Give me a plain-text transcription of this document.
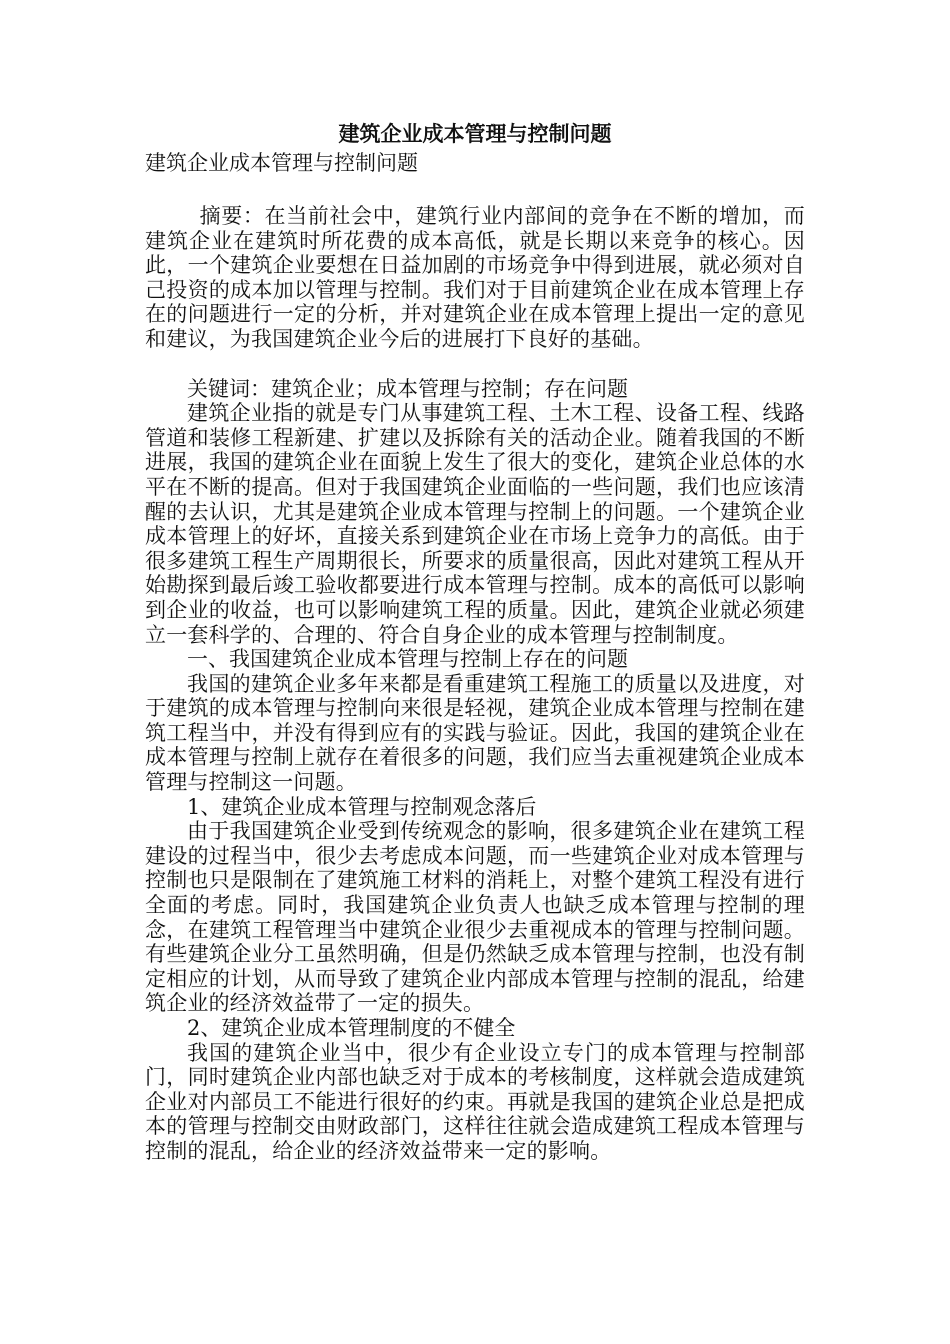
建筑企业成本管理与控制问题

建筑企业成本管理与控制问题

摘要：在当前社会中，建筑行业内部间的竞争在不断的增加，而建筑企业在建筑时所花费的成本高低，就是长期以来竞争的核心。因此，一个建筑企业要想在日益加剧的市场竞争中得到进展，就必须对自己投资的成本加以管理与控制。我们对于目前建筑企业在成本管理上存在的问题进行一定的分析，并对建筑企业在成本管理上提出一定的意见和建议，为我国建筑企业今后的进展打下良好的基础。

关键词：建筑企业；成本管理与控制；存在问题

建筑企业指的就是专门从事建筑工程、土木工程、设备工程、线路管道和装修工程新建、扩建以及拆除有关的活动企业。随着我国的不断进展，我国的建筑企业在面貌上发生了很大的变化，建筑企业总体的水平在不断的提高。但对于我国建筑企业面临的一些问题，我们也应该清醒的去认识，尤其是建筑企业成本管理与控制上的问题。一个建筑企业成本管理上的好坏，直接关系到建筑企业在市场上竞争力的高低。由于很多建筑工程生产周期很长，所要求的质量很高，因此对建筑工程从开始勘探到最后竣工验收都要进行成本管理与控制。成本的高低可以影响到企业的收益，也可以影响建筑工程的质量。因此，建筑企业就必须建立一套科学的、合理的、符合自身企业的成本管理与控制制度。

一、我国建筑企业成本管理与控制上存在的问题

我国的建筑企业多年来都是看重建筑工程施工的质量以及进度，对于建筑的成本管理与控制向来很是轻视，建筑企业成本管理与控制在建筑工程当中，并没有得到应有的实践与验证。因此，我国的建筑企业在成本管理与控制上就存在着很多的问题，我们应当去重视建筑企业成本管理与控制这一问题。

1、建筑企业成本管理与控制观念落后

由于我国建筑企业受到传统观念的影响，很多建筑企业在建筑工程建设的过程当中，很少去考虑成本问题，而一些建筑企业对成本管理与控制也只是限制在了建筑施工材料的消耗上，对整个建筑工程没有进行全面的考虑。同时，我国建筑企业负责人也缺乏成本管理与控制的理念，在建筑工程管理当中建筑企业很少去重视成本的管理与控制问题。有些建筑企业分工虽然明确，但是仍然缺乏成本管理与控制，也没有制定相应的计划，从而导致了建筑企业内部成本管理与控制的混乱，给建筑企业的经济效益带了一定的损失。

2、建筑企业成本管理制度的不健全

我国的建筑企业当中，很少有企业设立专门的成本管理与控制部门，同时建筑企业内部也缺乏对于成本的考核制度，这样就会造成建筑企业对内部员工不能进行很好的约束。再就是我国的建筑企业总是把成本的管理与控制交由财政部门，这样往往就会造成建筑工程成本管理与控制的混乱，给企业的经济效益带来一定的影响。
